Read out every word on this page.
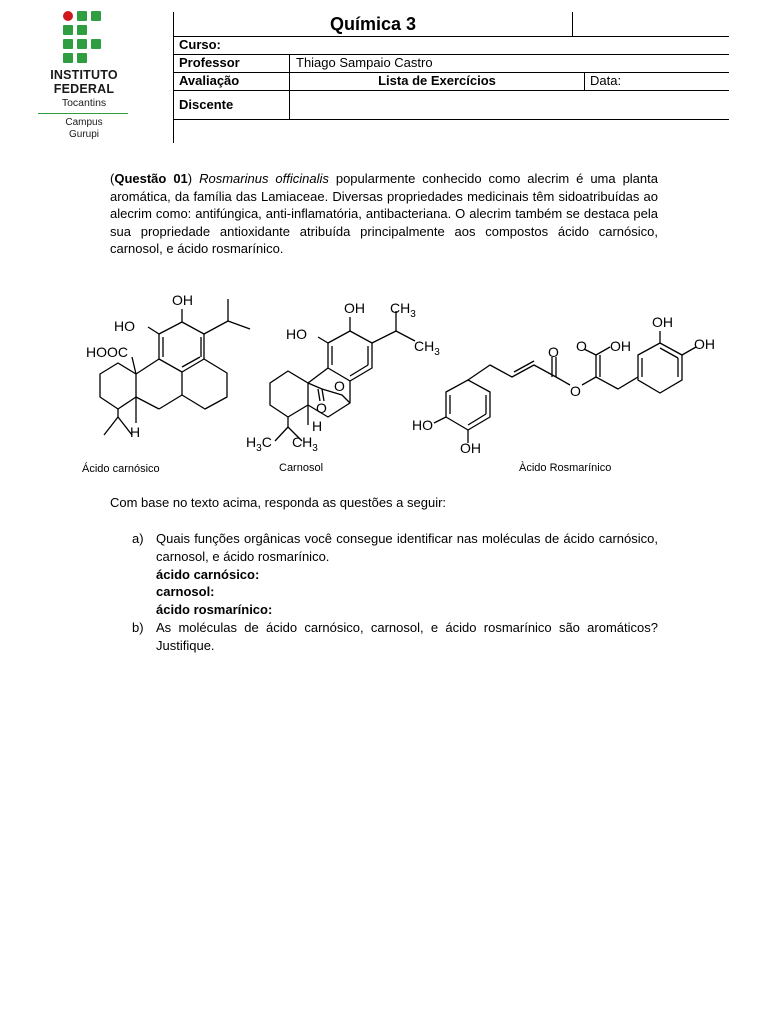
INSTITUTO
FEDERAL
Tocantins
Campus
Gurupi
Química 3
Curso:
Professor	Thiago Sampaio Castro
Avaliação	Lista de Exercícios	Data:
Discente
(Questão 01) Rosmarinus officinalis popularmente conhecido como alecrim é uma planta aromática, da família das Lamiaceae. Diversas propriedades medicinais têm sidoatribuídas ao alecrim como: antifúngica, anti-inflamatória, antibacteriana. O alecrim também se destaca pela sua propriedade antioxidante atribuída principalmente aos compostos ácido carnósico, carnosol, e ácido rosmarínico.
OH
HO
HOOC
H
OH $CH_3$
HO
$CH_3$
O
O
H
$H_3C$ $CH_3$
OH
OH
O OH
O
O
HO
OH
Ácido carnósico	Carnosol	Àcido Rosmarínico
Com base no texto acima, responda as questões a seguir:
a) Quais funções orgânicas você consegue identificar nas moléculas de ácido carnósico, carnosol, e ácido rosmarínico.
ácido carnósico:
carnosol:
ácido rosmarínico:
b) As moléculas de ácido carnósico, carnosol, e ácido rosmarínico são aromáticos? Justifique.
